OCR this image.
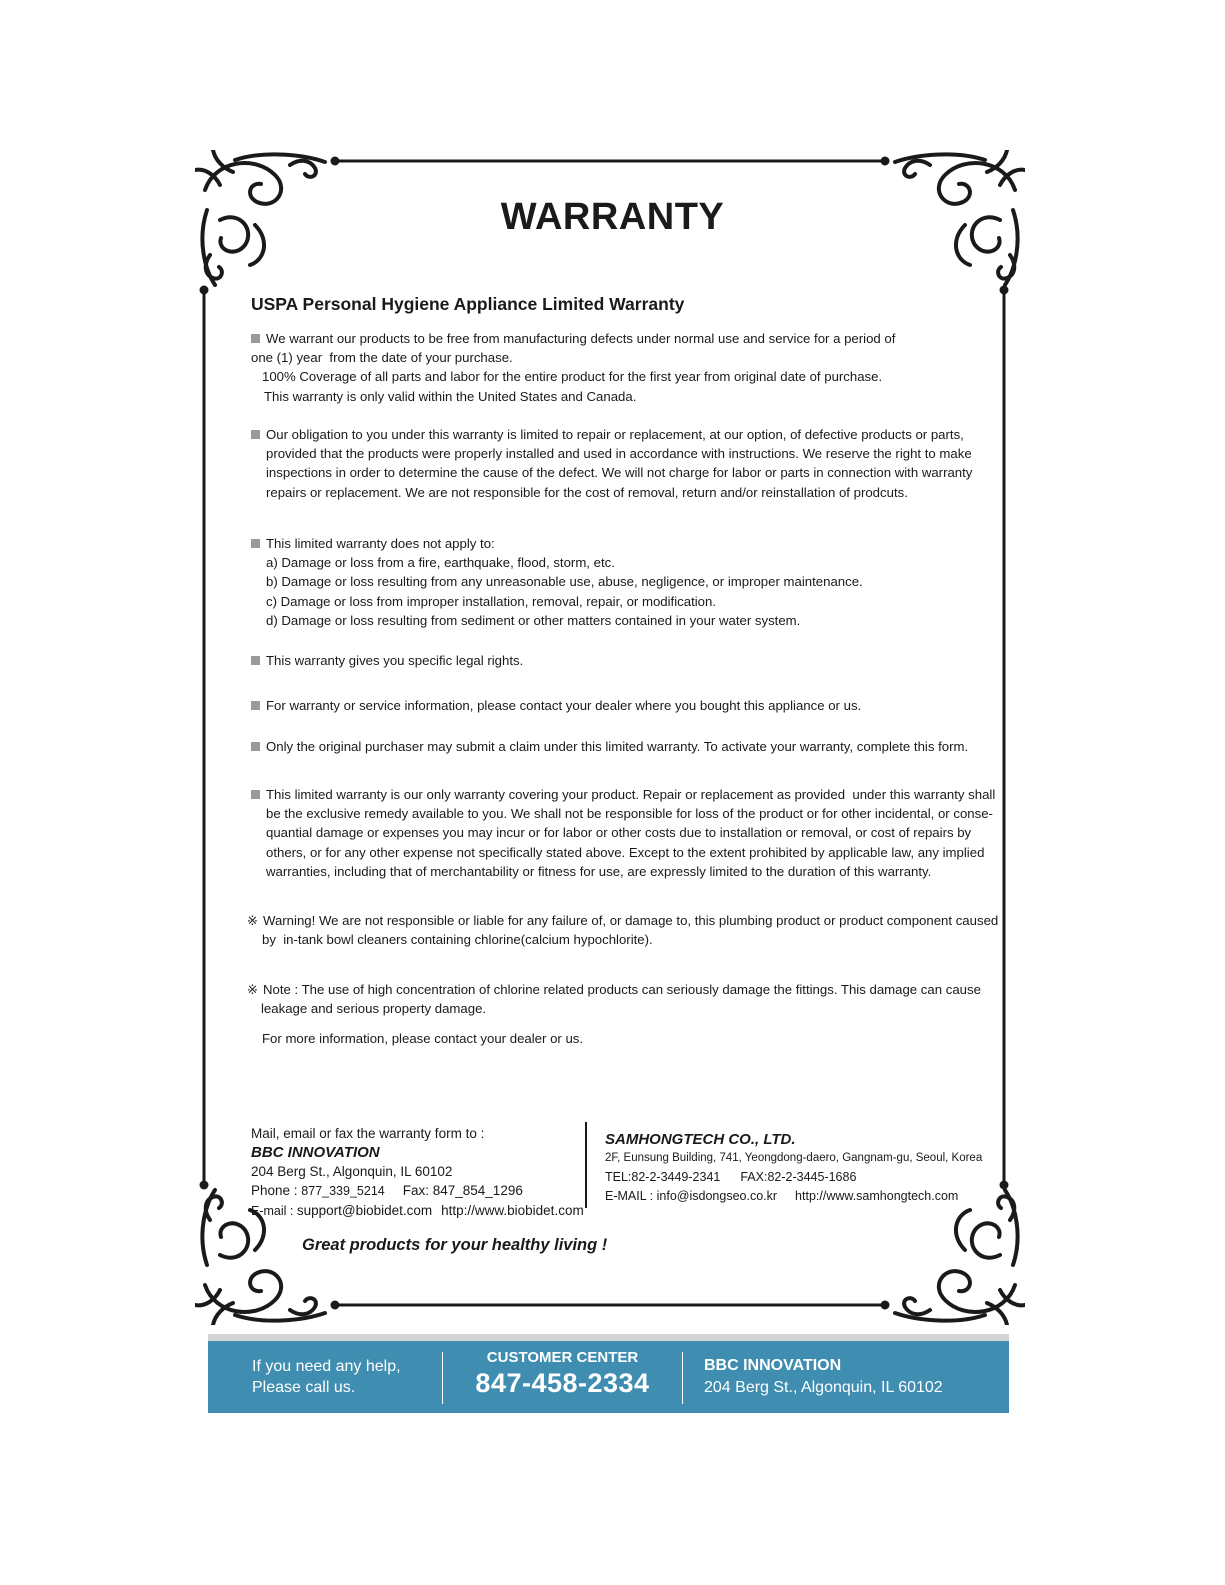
WARRANTY
USPA Personal Hygiene Appliance Limited Warranty
We warrant our products to be free from manufacturing defects under normal use and service for a period of
one (1) year  from the date of your purchase.
100% Coverage of all parts and labor for the entire product for the first year from original date of purchase.
This warranty is only valid within the United States and Canada.
Our obligation to you under this warranty is limited to repair or replacement, at our option, of defective products or parts,
provided that the products were properly installed and used in accordance with instructions. We reserve the right to make
inspections in order to determine the cause of the defect. We will not charge for labor or parts in connection with warranty
repairs or replacement. We are not responsible for the cost of removal, return and/or reinstallation of prodcuts.
This limited warranty does not apply to:
a) Damage or loss from a fire, earthquake, flood, storm, etc.
b) Damage or loss resulting from any unreasonable use, abuse, negligence, or improper maintenance.
c) Damage or loss from improper installation, removal, repair, or modification.
d) Damage or loss resulting from sediment or other matters contained in your water system.
This warranty gives you specific legal rights.
For warranty or service information, please contact your dealer where you bought this appliance or us.
Only the original purchaser may submit a claim under this limited warranty. To activate your warranty, complete this form.
This limited warranty is our only warranty covering your product. Repair or replacement as provided  under this warranty shall
be the exclusive remedy available to you. We shall not be responsible for loss of the product or for other incidental, or conse-
quantial damage or expenses you may incur or for labor or other costs due to installation or removal, or cost of repairs by
others, or for any other expense not specifically stated above. Except to the extent prohibited by applicable law, any implied
warranties, including that of merchantability or fitness for use, are expressly limited to the duration of this warranty.
※ Warning! We are not responsible or liable for any failure of, or damage to, this plumbing product or product component caused
by  in-tank bowl cleaners containing chlorine(calcium hypochlorite).
※ Note : The use of high concentration of chlorine related products can seriously damage the fittings. This damage can cause
leakage and serious property damage.
For more information, please contact your dealer or us.
Mail, email or fax the warranty form to :
BBC INNOVATION
204 Berg St., Algonquin, IL 60102
Phone : 877_339_5214 Fax: 847_854_1296
E-mail : support@biobidet.com http://www.biobidet.com
SAMHONGTECH CO., LTD.
2F, Eunsung Building, 741, Yeongdong-daero, Gangnam-gu, Seoul, Korea
TEL:82-2-3449-2341 FAX:82-2-3445-1686
E-MAIL : info@isdongseo.co.kr http://www.samhongtech.com
Great products for your healthy living !
If you need any help,
Please call us.
CUSTOMER CENTER
847-458-2334
BBC INNOVATION
204 Berg St., Algonquin, IL 60102
